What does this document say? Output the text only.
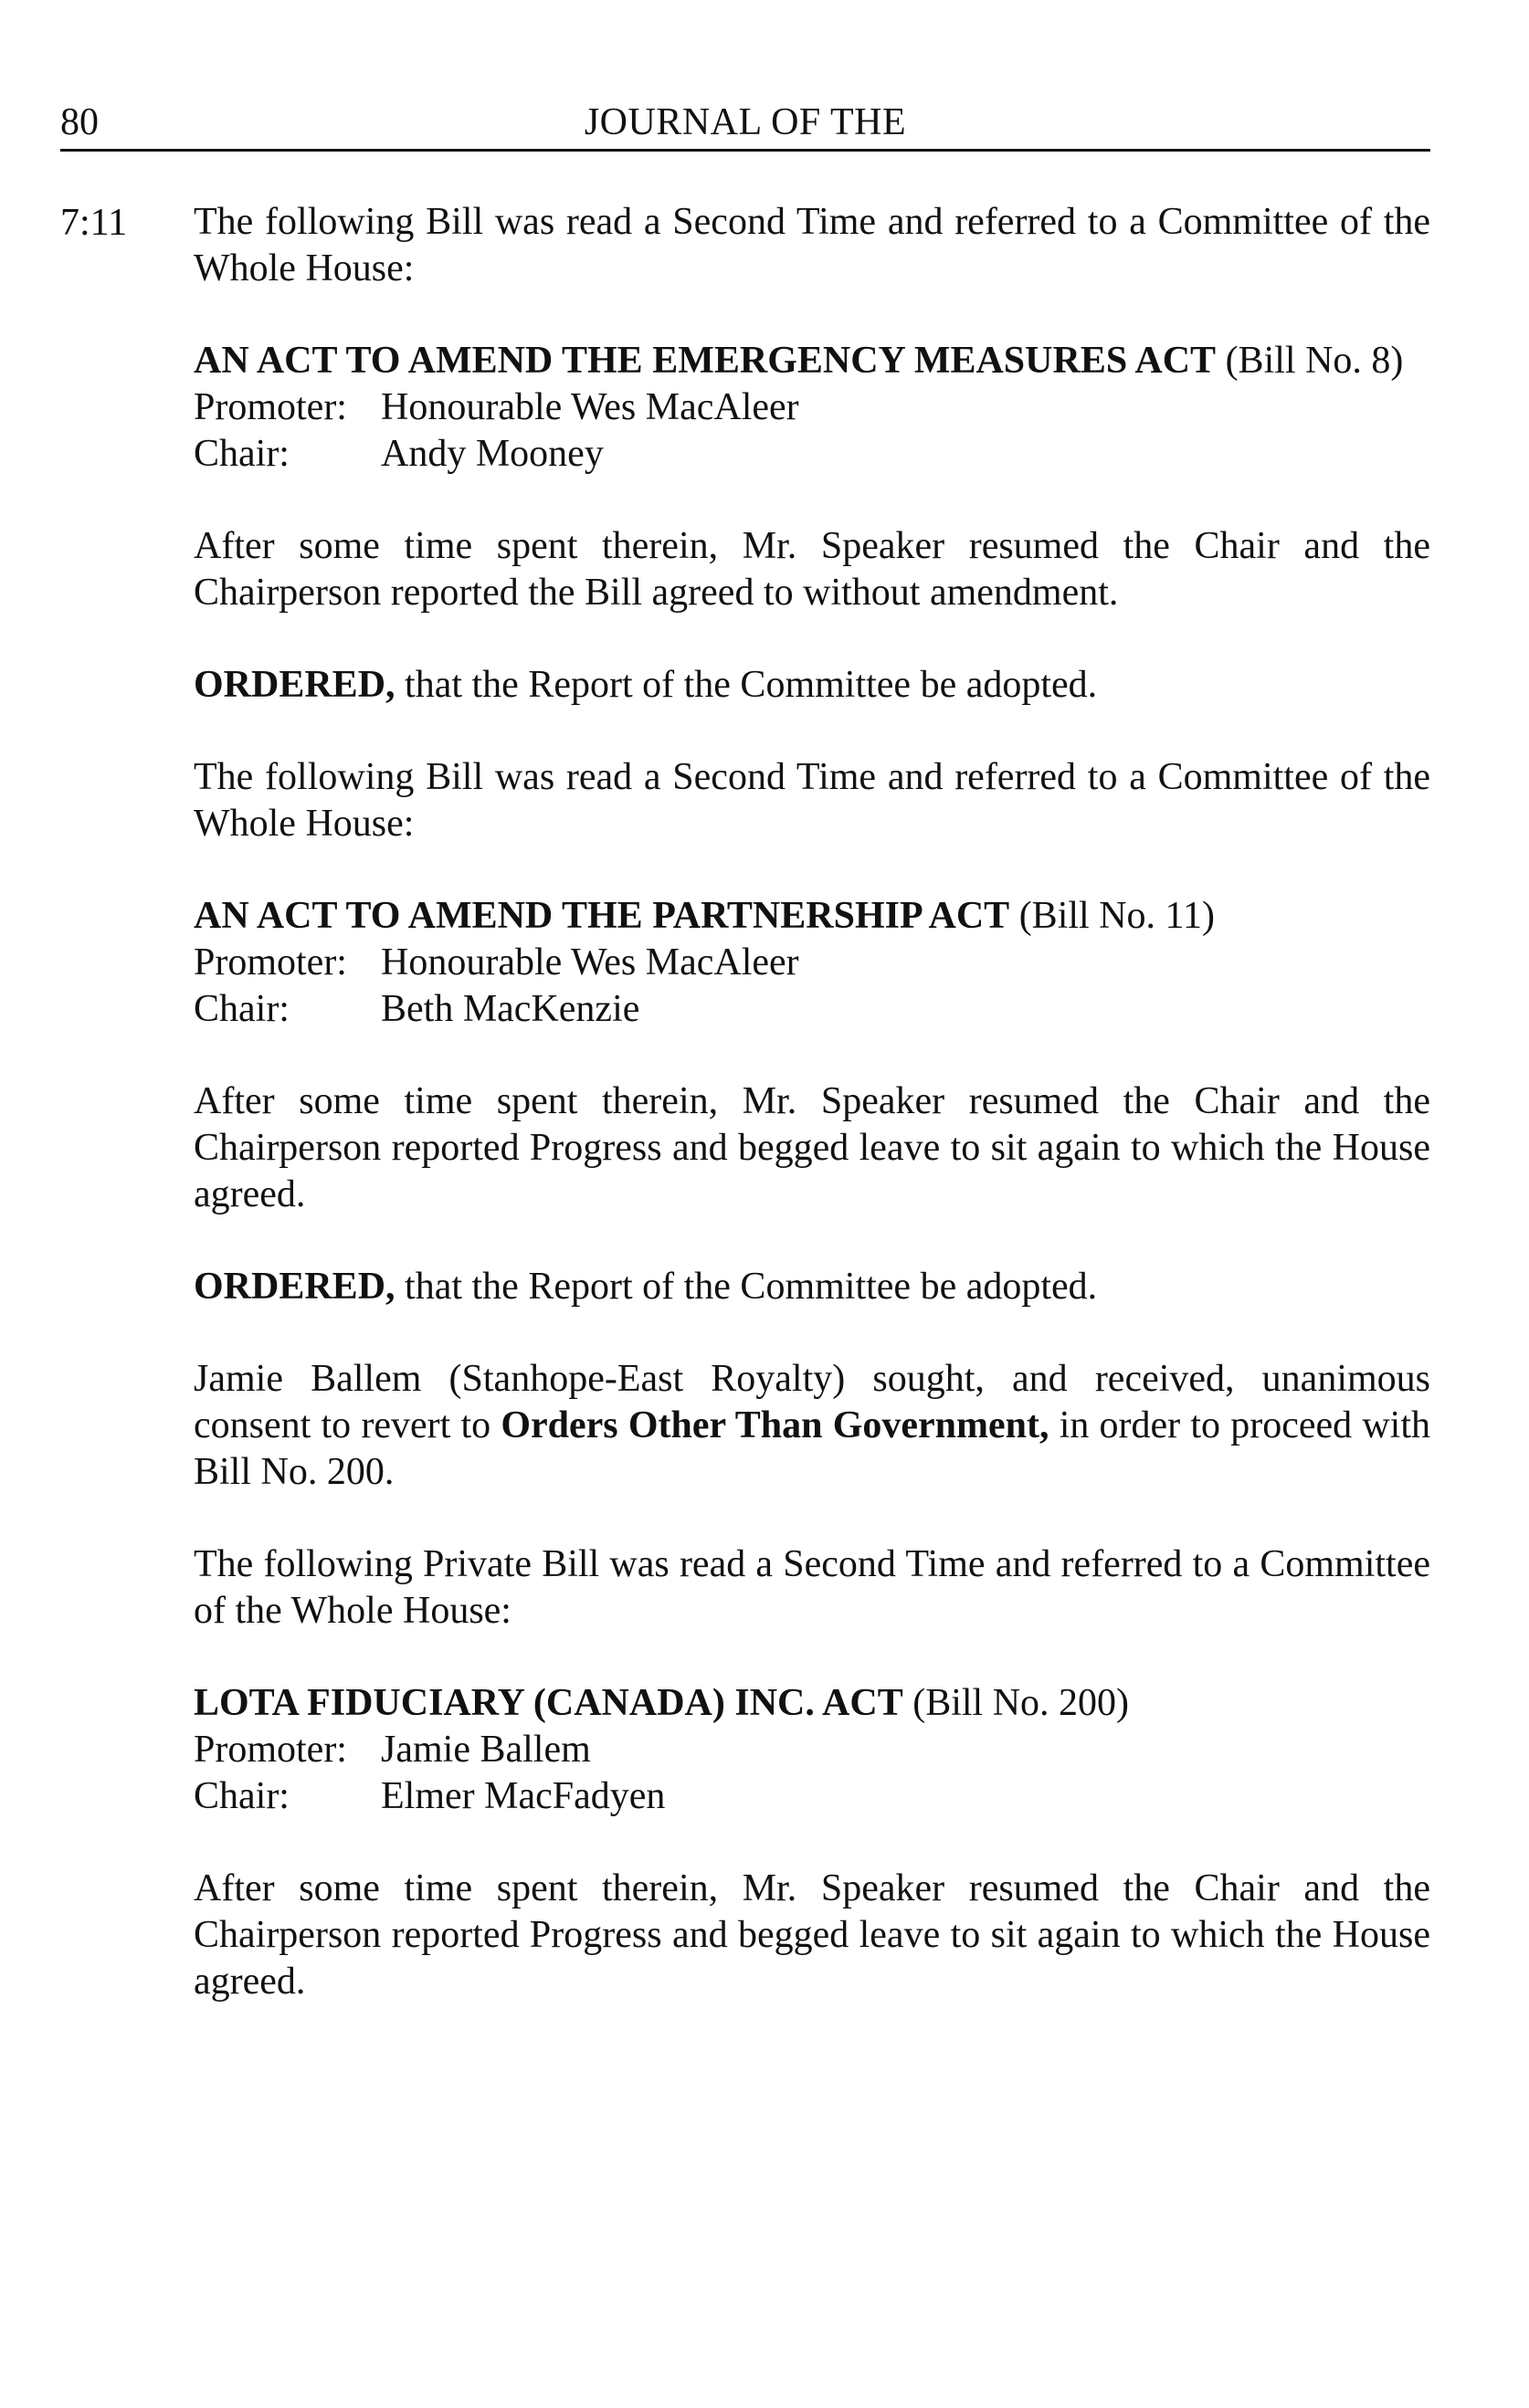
80	JOURNAL OF THE
7:11 The following Bill was read a Second Time and referred to a Committee of the Whole House:

AN ACT TO AMEND THE EMERGENCY MEASURES ACT (Bill No. 8)

Promoter: Honourable Wes MacAleer

Chair: Andy Mooney

After some time spent therein, Mr. Speaker resumed the Chair and the Chairperson reported the Bill agreed to without amendment.

ORDERED, that the Report of the Committee be adopted.

The following Bill was read a Second Time and referred to a Committee of the Whole House:

AN ACT TO AMEND THE PARTNERSHIP ACT (Bill No. 11)

Promoter: Honourable Wes MacAleer

Chair: Beth MacKenzie

After some time spent therein, Mr. Speaker resumed the Chair and the Chairperson reported Progress and begged leave to sit again to which the House agreed.

ORDERED, that the Report of the Committee be adopted.

Jamie Ballem (Stanhope-East Royalty) sought, and received, unanimous consent to revert to Orders Other Than Government, in order to proceed with Bill No. 200.

The following Private Bill was read a Second Time and referred to a Committee of the Whole House:

LOTA FIDUCIARY (CANADA) INC. ACT (Bill No. 200)

Promoter: Jamie Ballem

Chair: Elmer MacFadyen

After some time spent therein, Mr. Speaker resumed the Chair and the Chairperson reported Progress and begged leave to sit again to which the House agreed.
